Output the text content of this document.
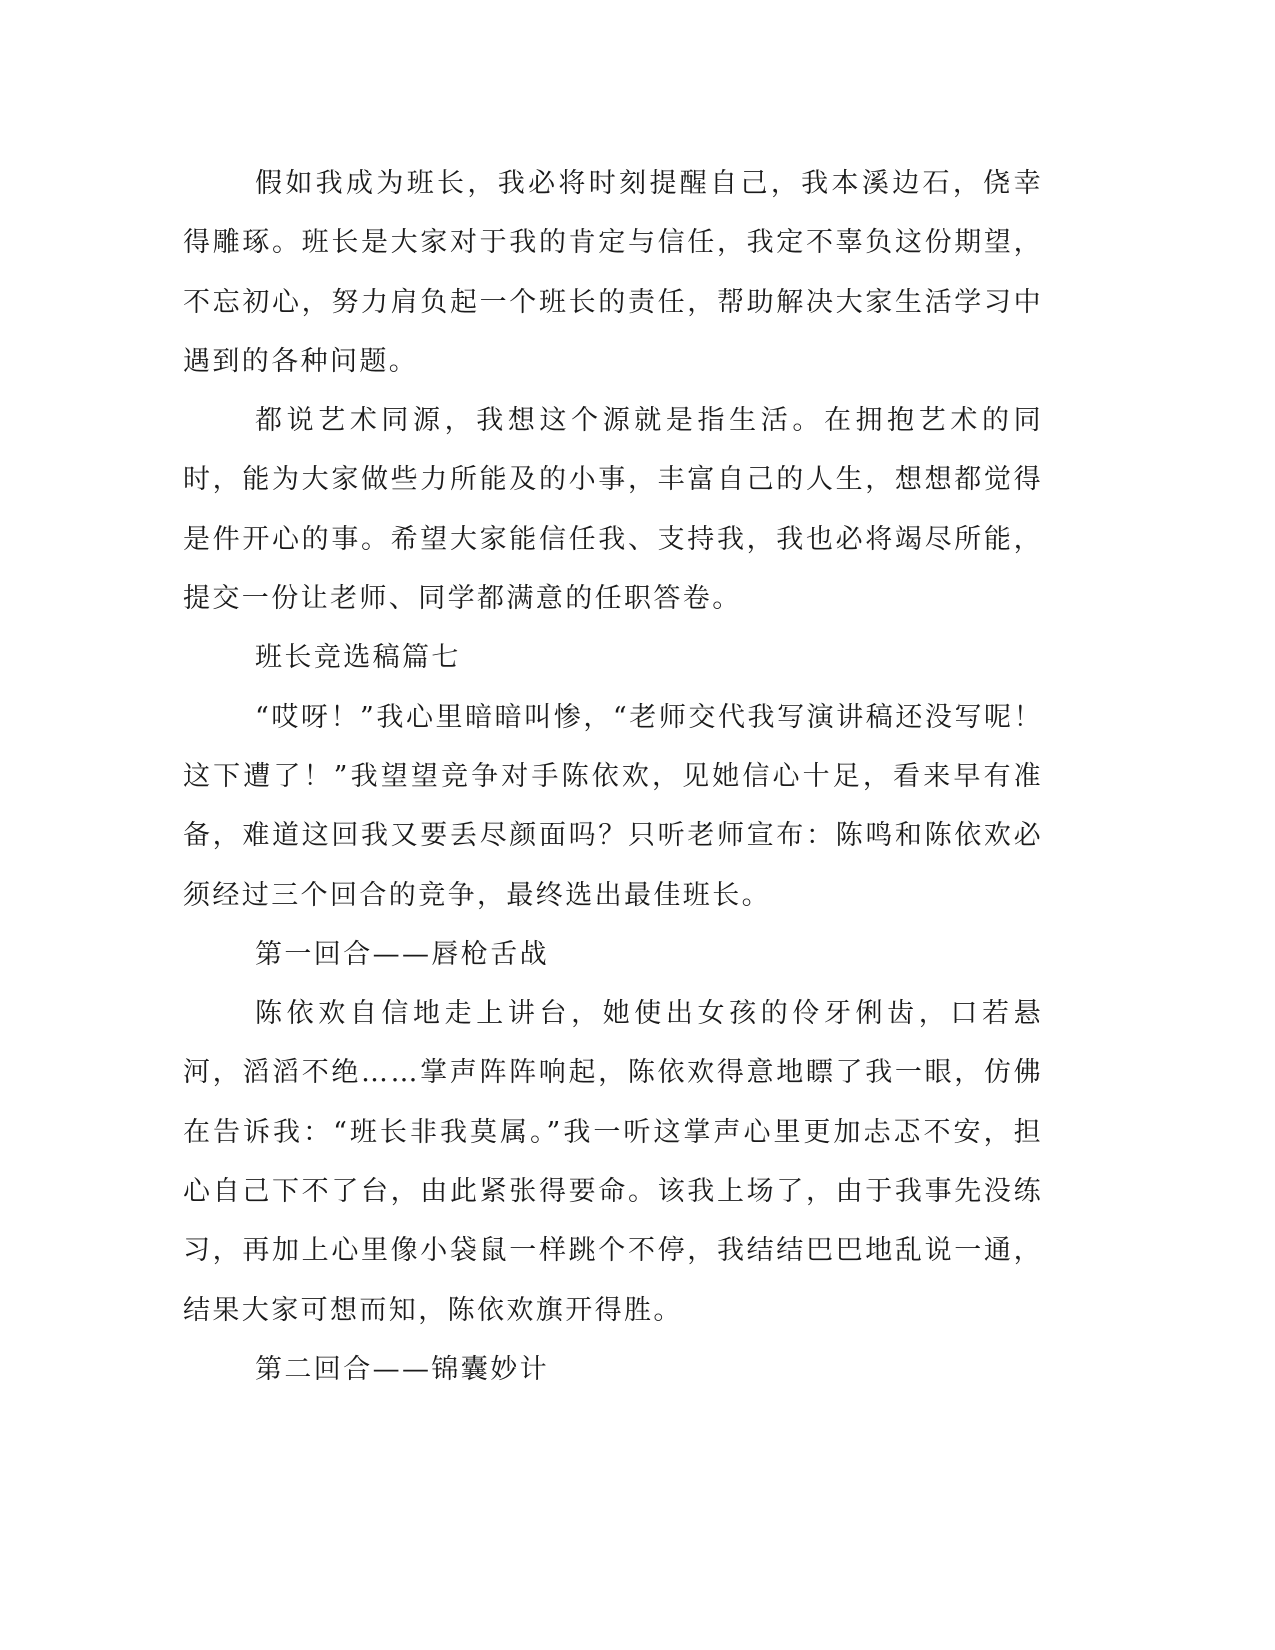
假如我成为班长，我必将时刻提醒自己，我本溪边石，侥幸得雕琢。班长是大家对于我的肯定与信任，我定不辜负这份期望，不忘初心，努力肩负起一个班长的责任，帮助解决大家生活学习中遇到的各种问题。

都说艺术同源，我想这个源就是指生活。在拥抱艺术的同时，能为大家做些力所能及的小事，丰富自己的人生，想想都觉得是件开心的事。希望大家能信任我、支持我，我也必将竭尽所能，提交一份让老师、同学都满意的任职答卷。

班长竞选稿篇七

“哎呀！”我心里暗暗叫惨，“老师交代我写演讲稿还没写呢！这下遭了！”我望望竞争对手陈依欢，见她信心十足，看来早有准备，难道这回我又要丢尽颜面吗？只听老师宣布：陈鸣和陈依欢必须经过三个回合的竞争，最终选出最佳班长。

第一回合——唇枪舌战

陈依欢自信地走上讲台，她使出女孩的伶牙俐齿，口若悬河，滔滔不绝……掌声阵阵响起，陈依欢得意地瞟了我一眼，仿佛在告诉我：“班长非我莫属。”我一听这掌声心里更加忐忑不安，担心自己下不了台，由此紧张得要命。该我上场了，由于我事先没练习，再加上心里像小袋鼠一样跳个不停，我结结巴巴地乱说一通，结果大家可想而知，陈依欢旗开得胜。

第二回合——锦囊妙计
